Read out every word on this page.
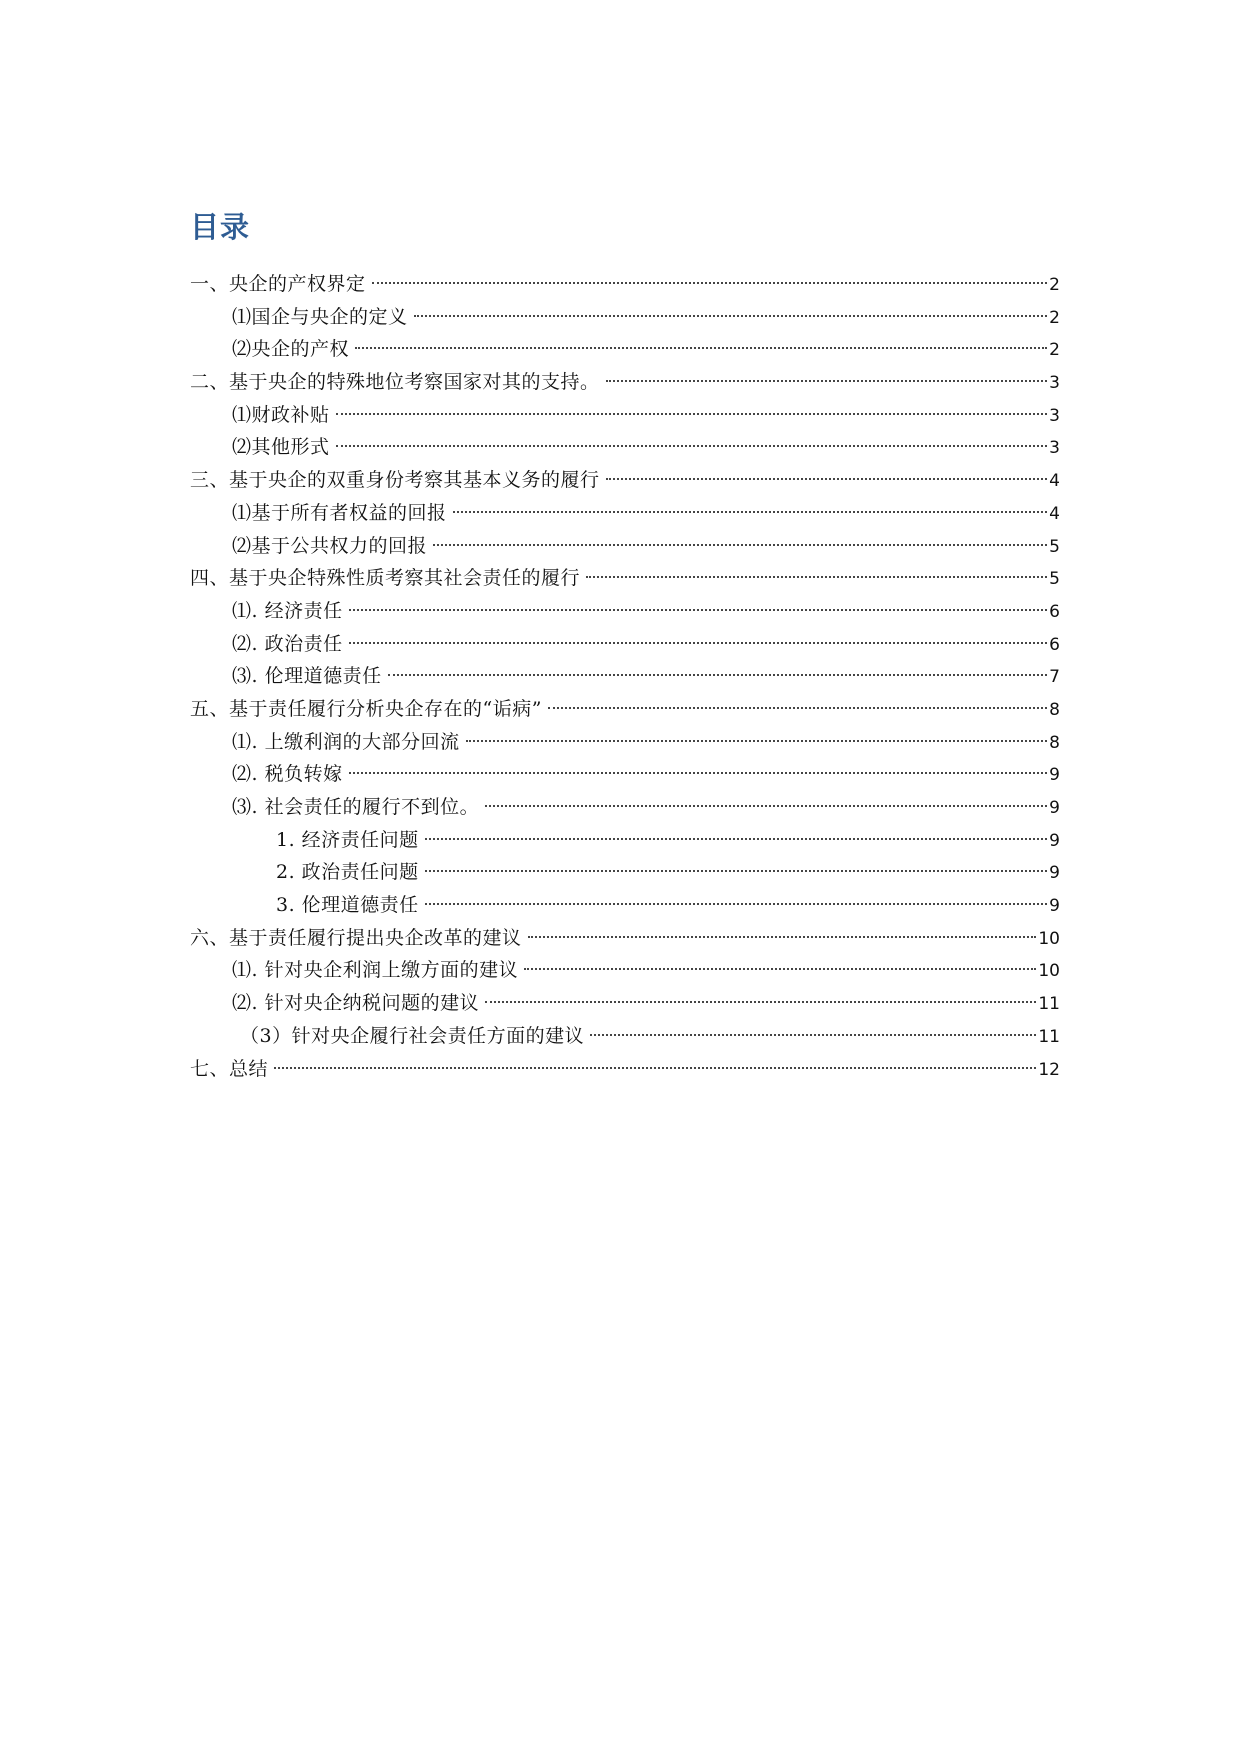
目录
一、央企的产权界定	2
⑴国企与央企的定义	2
⑵央企的产权	2
二、基于央企的特殊地位考察国家对其的支持。	3
⑴财政补贴	3
⑵其他形式	3
三、基于央企的双重身份考察其基本义务的履行	4
⑴基于所有者权益的回报	4
⑵基于公共权力的回报	5
四、基于央企特殊性质考察其社会责任的履行	5
⑴. 经济责任	6
⑵. 政治责任	6
⑶. 伦理道德责任	7
五、基于责任履行分析央企存在的“诟病”	8
⑴. 上缴利润的大部分回流	8
⑵. 税负转嫁	9
⑶. 社会责任的履行不到位。	9
1. 经济责任问题	9
2. 政治责任问题	9
3. 伦理道德责任	9
六、基于责任履行提出央企改革的建议	10
⑴. 针对央企利润上缴方面的建议	10
⑵. 针对央企纳税问题的建议	11
（3）针对央企履行社会责任方面的建议	11
七、总结	12
